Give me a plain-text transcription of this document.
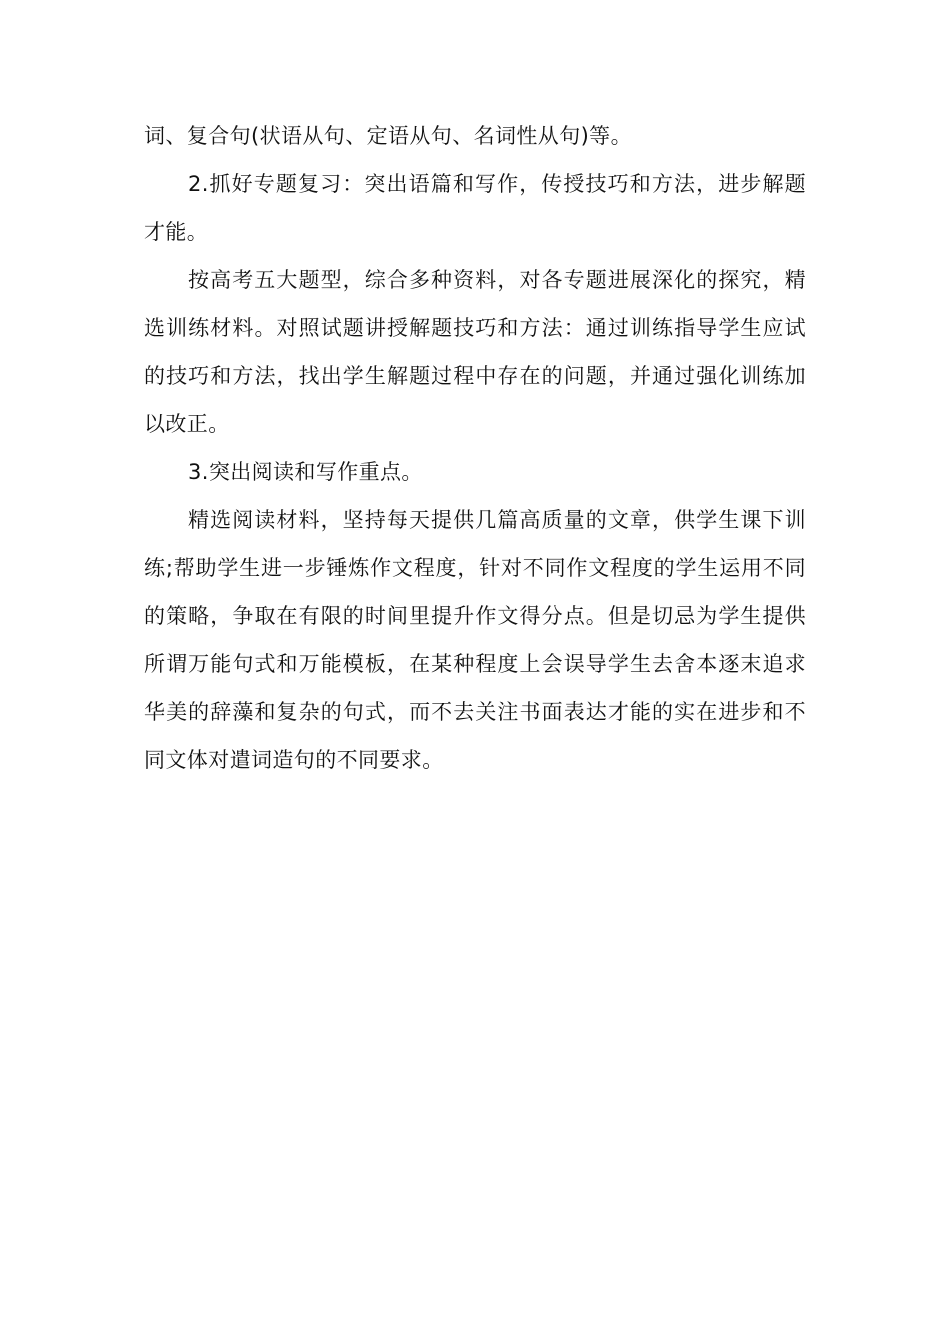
词、复合句(状语从句、定语从句、名词性从句)等。

2.抓好专题复习：突出语篇和写作，传授技巧和方法，进步解题才能。

按高考五大题型，综合多种资料，对各专题进展深化的探究，精选训练材料。对照试题讲授解题技巧和方法：通过训练指导学生应试的技巧和方法，找出学生解题过程中存在的问题，并通过强化训练加以改正。

3.突出阅读和写作重点。

精选阅读材料，坚持每天提供几篇高质量的文章，供学生课下训练;帮助学生进一步锤炼作文程度，针对不同作文程度的学生运用不同的策略，争取在有限的时间里提升作文得分点。但是切忌为学生提供所谓万能句式和万能模板，在某种程度上会误导学生去舍本逐末追求华美的辞藻和复杂的句式，而不去关注书面表达才能的实在进步和不同文体对遣词造句的不同要求。
